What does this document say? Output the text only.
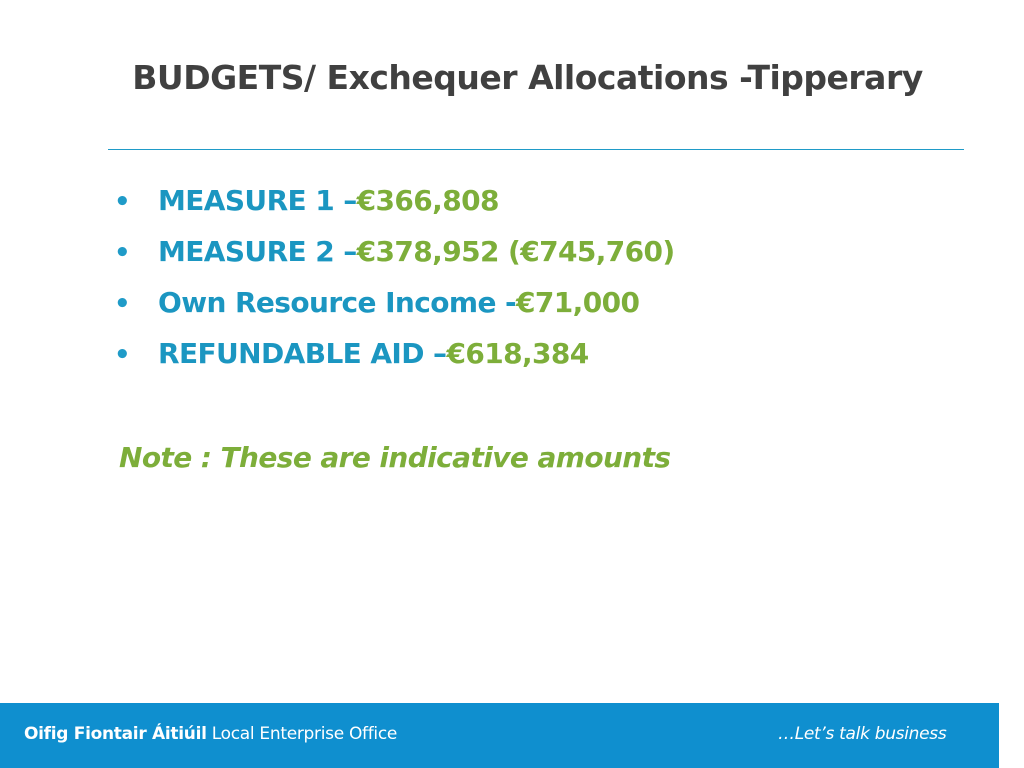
BUDGETS/ Exchequer Allocations -Tipperary
• MEASURE 1 – €366,808
• MEASURE 2 – €378,952 (€745,760)
• Own Resource Income - €71,000
• REFUNDABLE AID – €618,384
Note : These are indicative amounts
Oifig Fiontair Áitiúil Local Enterprise Office	…Let’s talk business
